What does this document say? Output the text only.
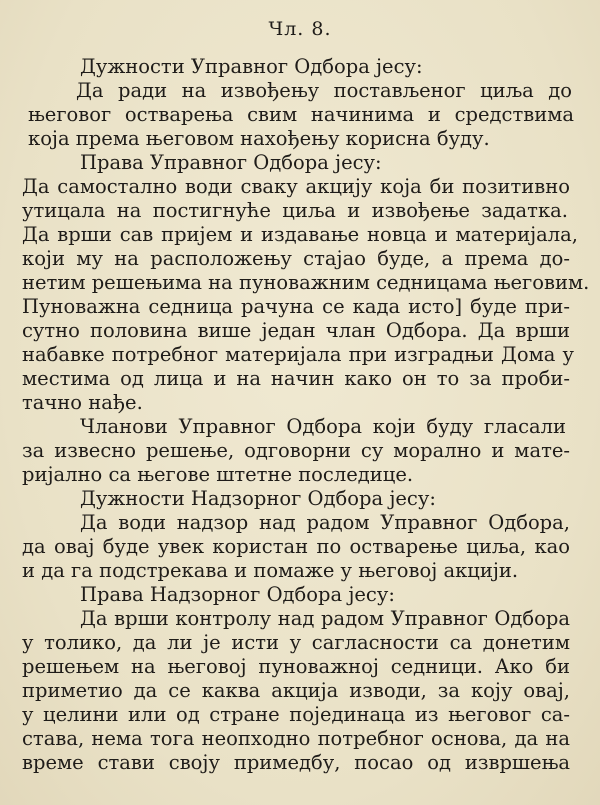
Чл. 8.
Дужности Управног Одбора јесу:
Да ради на извођењу постављеног циља до
његовог остварења свим начинима и средствима
која према његовом нахођењу корисна буду.
Права Управног Одбора јесу:
Да самостално води сваку акцију која би позитивно
утицала на постигнуће циља и извођење задатка.
Да врши сав пријем и издавање новца и материјала,
који му на расположењу стајао буде, а према до-
нетим решењима на пуноважним седницама његовим.
Пуноважна седница рачуна се када исто] буде при-
сутно половина више један члан Одбора. Да врши
набавке потребног материјала при изградњи Дома у
местима од лица и на начин како он то за проби-
тачно нађе.
Чланови Управног Одбора који буду гласали
за извесно решење, одговорни су морално и мате-
ријално са његове штетне последице.
Дужности Надзорног Одбора јесу:
Да води надзор над радом Управног Одбора,
да овај буде увек користан по остварење циља, као
и да га подстрекава и помаже у његовој акцији.
Права Надзорног Одбора јесу:
Да врши контролу над радом Управног Одбора
у толико, да ли је исти у сагласности са донетим
решењем на његовој пуноважној седници. Ако би
приметио да се каква акција изводи, за коју овај,
у целини или од стране појединаца из његовог са-
става, нема тога неопходно потребног основа, да на
време стави своју примедбу, посао од извршења
